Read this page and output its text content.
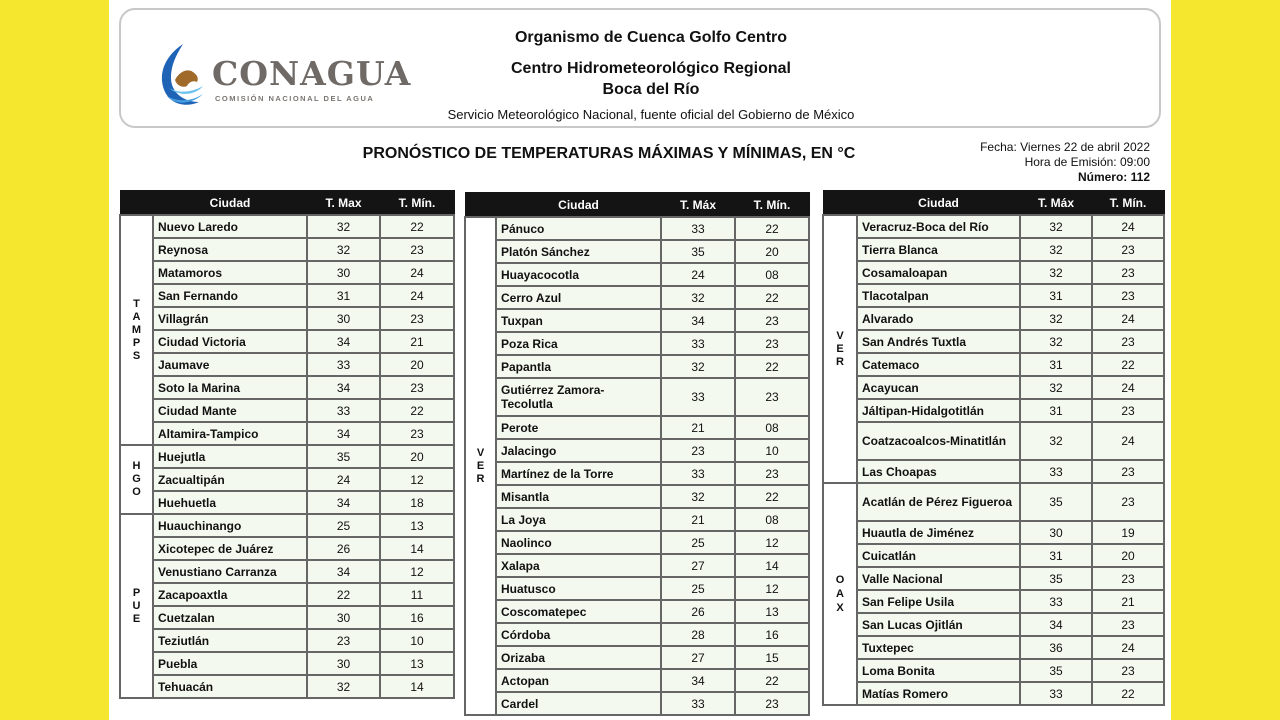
CONAGUA
COMISIÓN NACIONAL DEL AGUA
Organismo de Cuenca Golfo Centro
Centro Hidrometeorológico Regional
Boca del Río
Servicio Meteorológico Nacional, fuente oficial del Gobierno de México
PRONÓSTICO DE TEMPERATURAS MÁXIMAS Y MÍNIMAS, EN °C	Fecha: Viernes 22 de abril 2022
Hora de Emisión: 09:00
Número: 112
	Ciudad	T. Max	T. Mín.
T
A
M
P
S	Nuevo Laredo	32	22
	Reynosa	32	23
	Matamoros	30	24
	San Fernando	31	24
	Villagrán	30	23
	Ciudad Victoria	34	21
	Jaumave	33	20
	Soto la Marina	34	23
	Ciudad Mante	33	22
	Altamira-Tampico	34	23
H
G
O	Huejutla	35	20
	Zacualtipán	24	12
	Huehuetla	34	18
P
U
E	Huauchinango	25	13
	Xicotepec de Juárez	26	14
	Venustiano Carranza	34	12
	Zacapoaxtla	22	11
	Cuetzalan	30	16
	Teziutlán	23	10
	Puebla	30	13
	Tehuacán	32	14
	Ciudad	T. Máx	T. Mín.
V
E
R	Pánuco	33	22
	Platón Sánchez	35	20
	Huayacocotla	24	08
	Cerro Azul	32	22
	Tuxpan	34	23
	Poza Rica	33	23
	Papantla	32	22
	Gutiérrez Zamora-Tecolutla	33	23
	Perote	21	08
	Jalacingo	23	10
	Martínez de la Torre	33	23
	Misantla	32	22
	La Joya	21	08
	Naolinco	25	12
	Xalapa	27	14
	Huatusco	25	12
	Coscomatepec	26	13
	Córdoba	28	16
	Orizaba	27	15
	Actopan	34	22
	Cardel	33	23
	Ciudad	T. Máx	T. Mín.
V
E
R	Veracruz-Boca del Río	32	24
	Tierra Blanca	32	23
	Cosamaloapan	32	23
	Tlacotalpan	31	23
	Alvarado	32	24
	San Andrés Tuxtla	32	23
	Catemaco	31	22
	Acayucan	32	24
	Jáltipan-Hidalgotitlán	31	23
	Coatzacoalcos-Minatitlán	32	24
	Las Choapas	33	23
O
A
X	Acatlán de Pérez Figueroa	35	23
	Huautla de Jiménez	30	19
	Cuicatlán	31	20
	Valle Nacional	35	23
	San Felipe Usila	33	21
	San Lucas Ojitlán	34	23
	Tuxtepec	36	24
	Loma Bonita	35	23
	Matías Romero	33	22
